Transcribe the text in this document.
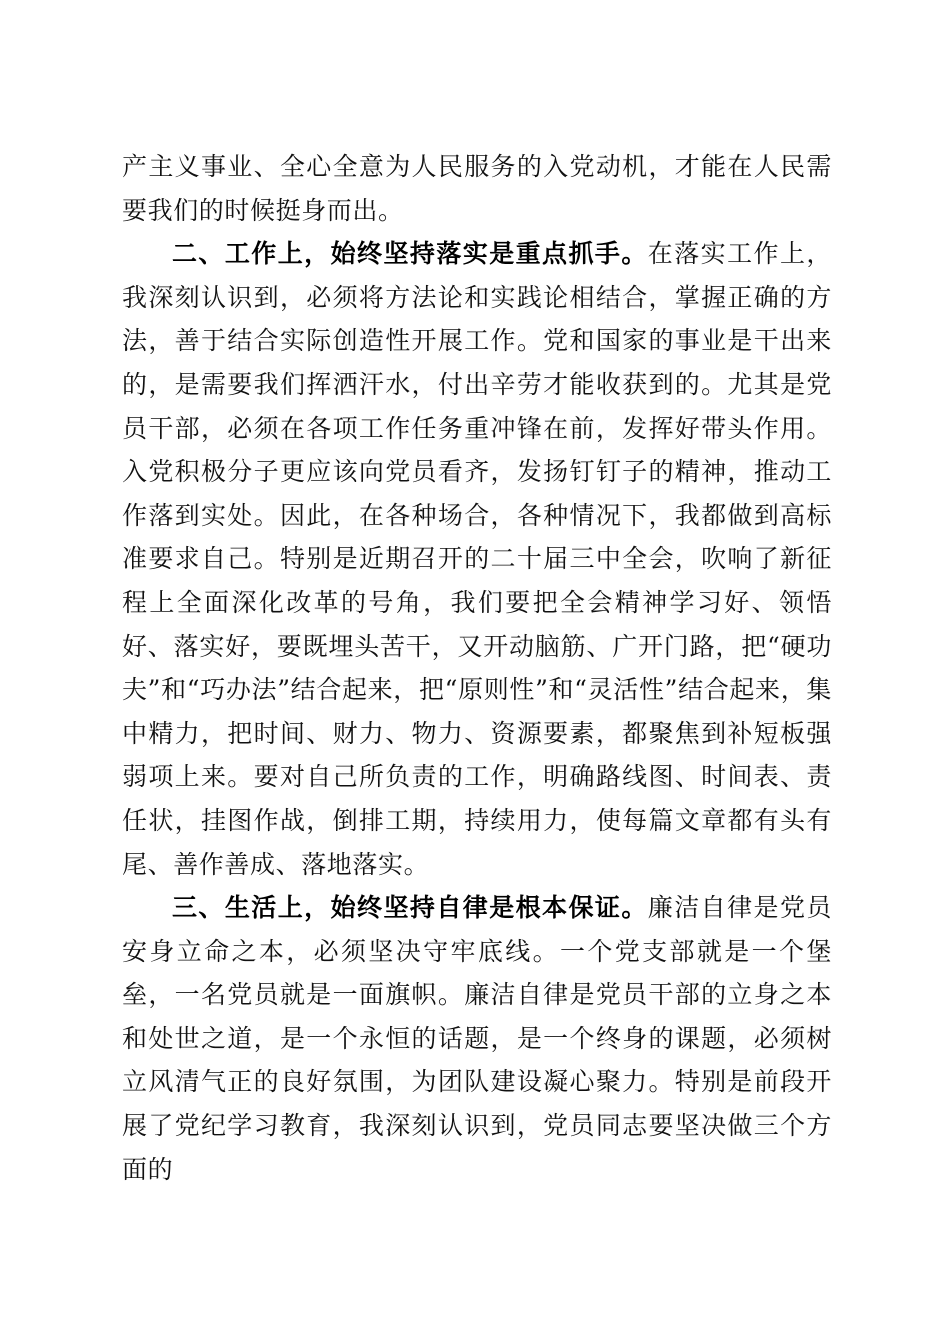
产主义事业、全心全意为人民服务的入党动机，才能在人民需要我们的时候挺身而出。

二、工作上，始终坚持落实是重点抓手。在落实工作上，我深刻认识到，必须将方法论和实践论相结合，掌握正确的方法，善于结合实际创造性开展工作。党和国家的事业是干出来的，是需要我们挥洒汗水，付出辛劳才能收获到的。尤其是党员干部，必须在各项工作任务重冲锋在前，发挥好带头作用。入党积极分子更应该向党员看齐，发扬钉钉子的精神，推动工作落到实处。因此，在各种场合，各种情况下，我都做到高标准要求自己。特别是近期召开的二十届三中全会，吹响了新征程上全面深化改革的号角，我们要把全会精神学习好、领悟好、落实好，要既埋头苦干，又开动脑筋、广开门路，把“硬功夫”和“巧办法”结合起来，把“原则性”和“灵活性”结合起来，集中精力，把时间、财力、物力、资源要素，都聚焦到补短板强弱项上来。要对自己所负责的工作，明确路线图、时间表、责任状，挂图作战，倒排工期，持续用力，使每篇文章都有头有尾、善作善成、落地落实。

三、生活上，始终坚持自律是根本保证。廉洁自律是党员安身立命之本，必须坚决守牢底线。一个党支部就是一个堡垒，一名党员就是一面旗帜。廉洁自律是党员干部的立身之本和处世之道，是一个永恒的话题，是一个终身的课题，必须树立风清气正的良好氛围，为团队建设凝心聚力。特别是前段开展了党纪学习教育，我深刻认识到，党员同志要坚决做三个方面的
